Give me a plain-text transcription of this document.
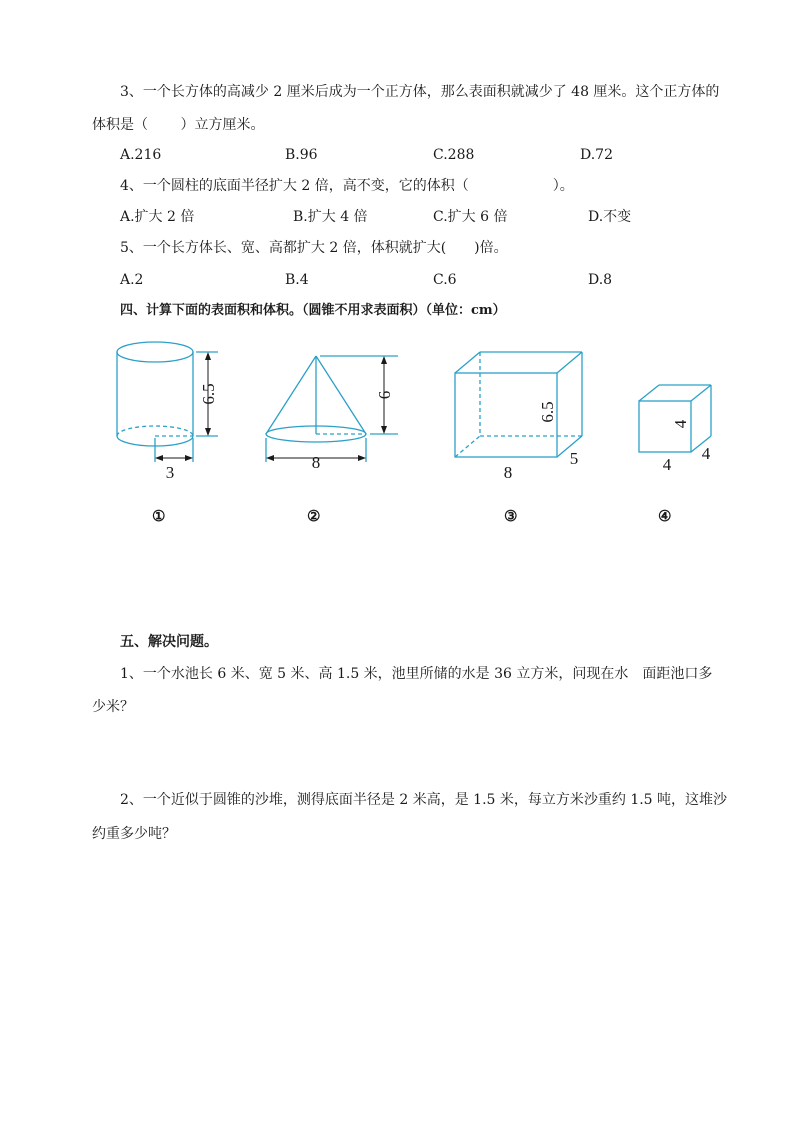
3、一个长方体的高减少 2 厘米后成为一个正方体，那么表面积就减少了 48 厘米。这个正方体的
体积是（　　 ）立方厘米。
A.216	B.96	C.288	D.72
4、一个圆柱的底面半径扩大 2 倍，高不变，它的体积（　　　　　　）。
A.扩大 2 倍	B.扩大 4 倍	C.扩大 6 倍	D.不变
5、一个长方体长、宽、高都扩大 2 倍，体积就扩大(　　)倍。
A.2	B.4	C.6	D.8
四、计算下面的表面积和体积。（圆锥不用求表面积）（单位：cm）
6.5
3
6
8
6.5
8
5
4
4
4
①	②	③	④
五、解决问题。
1、一个水池长 6 米、宽 5 米、高 1.5 米，池里所储的水是 36 立方米，问现在水　面距池口多
少米？
2、一个近似于圆锥的沙堆，测得底面半径是 2 米高，是 1.5 米，每立方米沙重约 1.5 吨，这堆沙
约重多少吨？
